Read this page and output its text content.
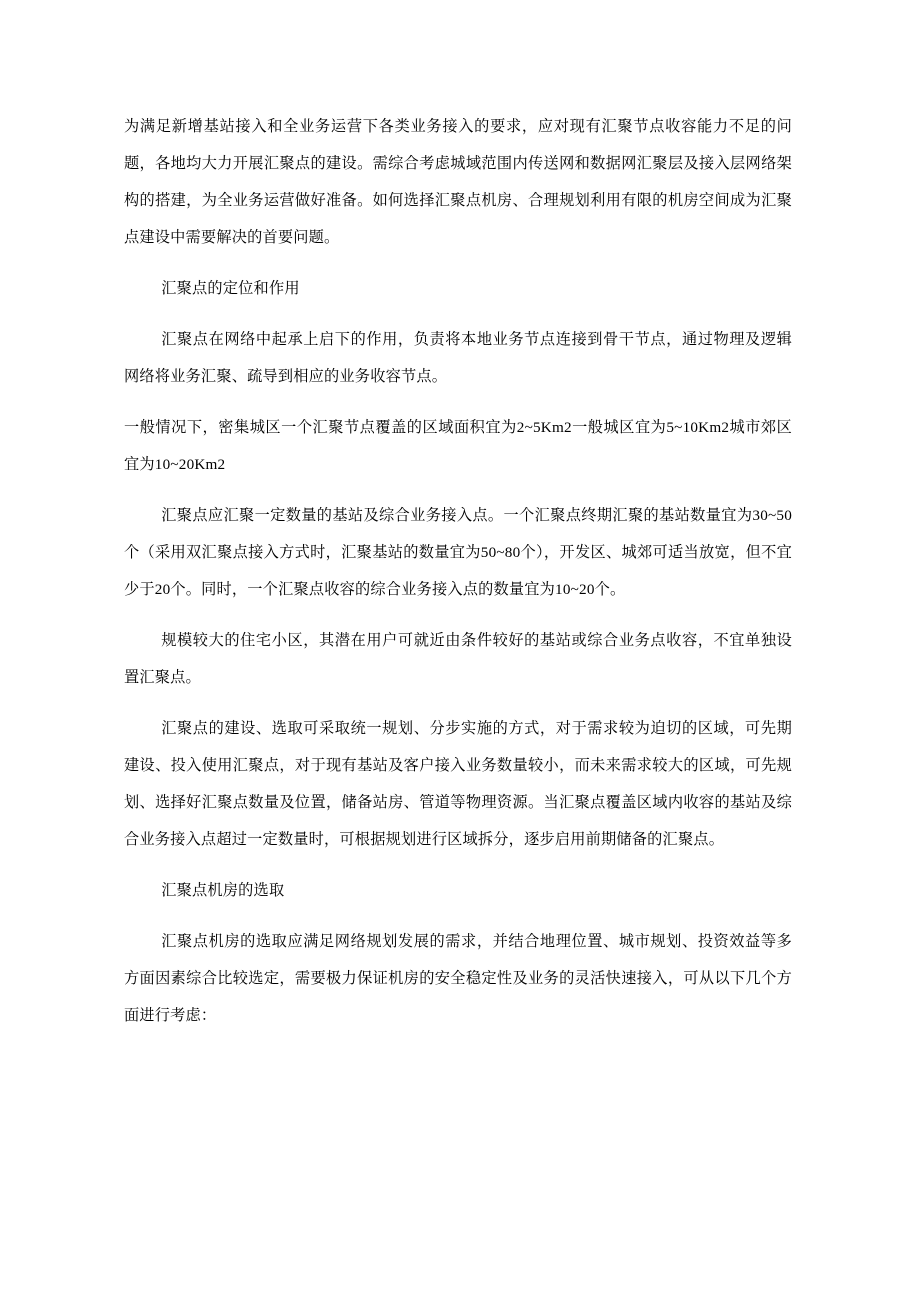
为满足新增基站接入和全业务运营下各类业务接入的要求，应对现有汇聚节点收容能力不足的问题，各地均大力开展汇聚点的建设。需综合考虑城域范围内传送网和数据网汇聚层及接入层网络架构的搭建，为全业务运营做好准备。如何选择汇聚点机房、合理规划利用有限的机房空间成为汇聚点建设中需要解决的首要问题。

汇聚点的定位和作用

汇聚点在网络中起承上启下的作用，负责将本地业务节点连接到骨干节点，通过物理及逻辑网络将业务汇聚、疏导到相应的业务收容节点。

一般情况下，密集城区一个汇聚节点覆盖的区域面积宜为2~5Km2一般城区宜为5~10Km2城市郊区宜为10~20Km2

汇聚点应汇聚一定数量的基站及综合业务接入点。一个汇聚点终期汇聚的基站数量宜为30~50个（采用双汇聚点接入方式时，汇聚基站的数量宜为50~80个），开发区、城郊可适当放宽，但不宜少于20个。同时，一个汇聚点收容的综合业务接入点的数量宜为10~20个。

规模较大的住宅小区，其潜在用户可就近由条件较好的基站或综合业务点收容，不宜单独设置汇聚点。

汇聚点的建设、选取可采取统一规划、分步实施的方式，对于需求较为迫切的区域，可先期建设、投入使用汇聚点，对于现有基站及客户接入业务数量较小，而未来需求较大的区域，可先规划、选择好汇聚点数量及位置，储备站房、管道等物理资源。当汇聚点覆盖区域内收容的基站及综合业务接入点超过一定数量时，可根据规划进行区域拆分，逐步启用前期储备的汇聚点。

汇聚点机房的选取

汇聚点机房的选取应满足网络规划发展的需求，并结合地理位置、城市规划、投资效益等多方面因素综合比较选定，需要极力保证机房的安全稳定性及业务的灵活快速接入，可从以下几个方面进行考虑：
